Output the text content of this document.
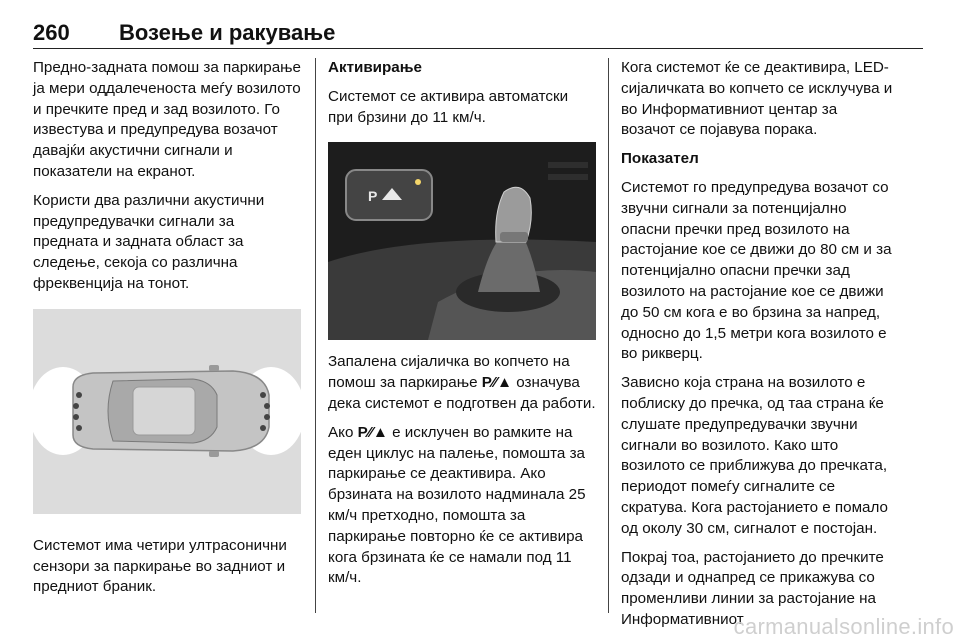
260 Возење и ракување

Предно-задната помош за паркирање ја мери оддалеченоста меѓу возилото и пречките пред и зад возилото. Го известува и предупредува возачот давајќи акустични сигнали и показатели на екранот.

Користи два различни акустични предупредувачки сигнали за предната и задната област за следење, секоја со различна фреквенција на тонот.

Системот има четири ултрасонични сензори за паркирање во задниот и предниот браник.

Активирање

Системот се активира автоматски при брзини до 11 км/ч.

P

Запалена сијаличка во копчето на помош за паркирање P⁄⁄▲ означува дека системот е подготвен да работи.

Ако P⁄⁄▲ е исклучен во рамките на еден циклус на палење, помошта за паркирање се деактивира. Ако брзината на возилото надминала 25 км/ч претходно, помошта за паркирање повторно ќе се активира кога брзината ќе се намали под 11 км/ч.

Кога системот ќе се деактивира, LED-сијаличката во копчето се исклучува и во Информативниот центар за возачот се појавува порака.

Показател

Системот го предупредува возачот со звучни сигнали за потенцијално опасни пречки пред возилото на растојание кое се движи до 80 см и за потенцијално опасни пречки зад возилото на растојание кое се движи до 50 см кога е во брзина за напред, односно до 1,5 метри кога возилото е во рикверц.

Зависно која страна на возилото е поблиску до пречка, од таа страна ќе слушате предупредувачки звучни сигнали во возилото. Како што возилото се приближува до пречката, периодот помеѓу сигналите се скратува. Кога растојанието е помало од околу 30 см, сигналот е постојан.

Покрај тоа, растојанието до пречките одзади и однапред се прикажува со променливи линии за растојание на Информативниот

carmanualsonline.info
